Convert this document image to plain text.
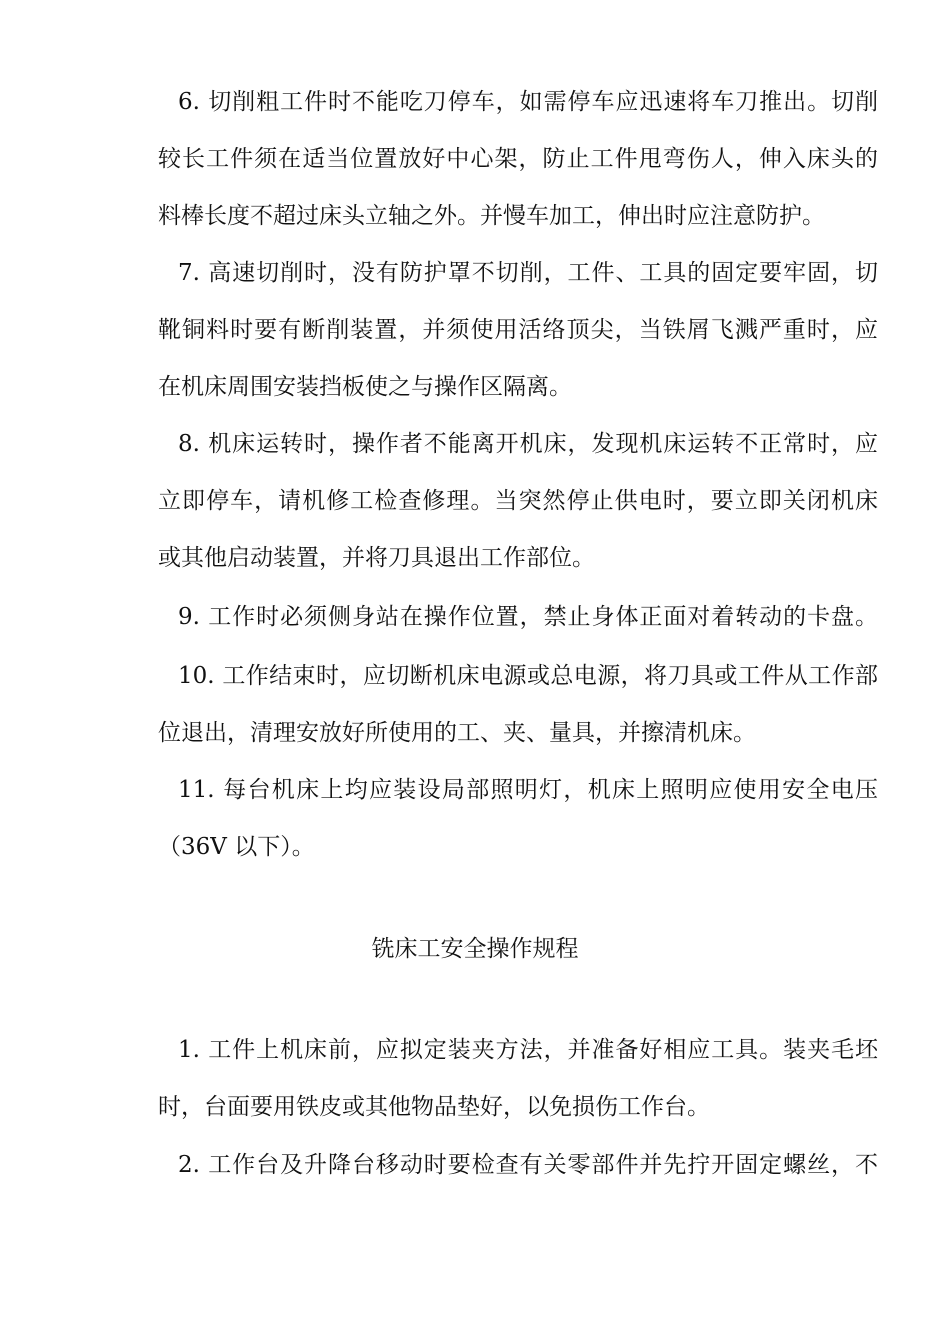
6. 切削粗工件时不能吃刀停车，如需停车应迅速将车刀推出。切削
较长工件须在适当位置放好中心架，防止工件甩弯伤人，伸入床头的
料棒长度不超过床头立轴之外。并慢车加工，伸出时应注意防护。
7. 高速切削时，没有防护罩不切削，工件、工具的固定要牢固，切
靴铜料时要有断削装置，并须使用活络顶尖，当铁屑飞溅严重时，应
在机床周围安装挡板使之与操作区隔离。
8. 机床运转时，操作者不能离开机床，发现机床运转不正常时，应
立即停车，请机修工检查修理。当突然停止供电时，要立即关闭机床
或其他启动装置，并将刀具退出工作部位。
9. 工作时必须侧身站在操作位置，禁止身体正面对着转动的卡盘。
10. 工作结束时，应切断机床电源或总电源，将刀具或工件从工作部
位退出，清理安放好所使用的工、夹、量具，并擦清机床。
11. 每台机床上均应装设局部照明灯，机床上照明应使用安全电压
（36V 以下）。
铣床工安全操作规程
1. 工件上机床前，应拟定装夹方法，并准备好相应工具。装夹毛坯
时，台面要用铁皮或其他物品垫好，以免损伤工作台。
2. 工作台及升降台移动时要检查有关零部件并先拧开固定螺丝，不
